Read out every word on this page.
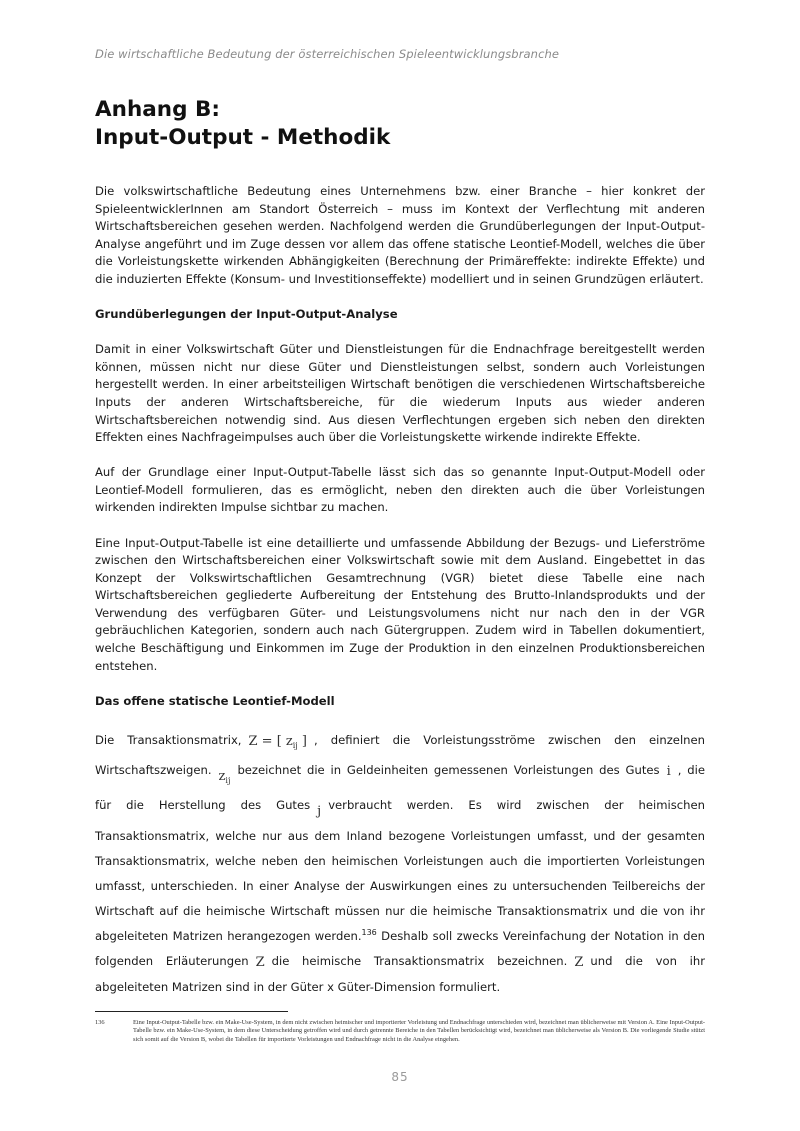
Die wirtschaftliche Bedeutung der österreichischen Spieleentwicklungsbranche
Anhang B:
Input-Output - Methodik

Die volkswirtschaftliche Bedeutung eines Unternehmens bzw. einer Branche – hier konkret der SpieleentwicklerInnen am Standort Österreich – muss im Kontext der Verflechtung mit anderen Wirtschaftsbereichen gesehen werden. Nachfolgend werden die Grundüberlegungen der Input-Output-Analyse angeführt und im Zuge dessen vor allem das offene statische Leontief-Modell, welches die über die Vorleistungskette wirkenden Abhängigkeiten (Berechnung der Primäreffekte: indirekte Effekte) und die induzierten Effekte (Konsum- und Investitionseffekte) modelliert und in seinen Grundzügen erläutert.

Grundüberlegungen der Input-Output-Analyse

Damit in einer Volkswirtschaft Güter und Dienstleistungen für die Endnachfrage bereitgestellt werden können, müssen nicht nur diese Güter und Dienstleistungen selbst, sondern auch Vorleistungen hergestellt werden. In einer arbeitsteiligen Wirtschaft benötigen die verschiedenen Wirtschaftsbereiche Inputs der anderen Wirtschaftsbereiche, für die wiederum Inputs aus wieder anderen Wirtschaftsbereichen notwendig sind. Aus diesen Verflechtungen ergeben sich neben den direkten Effekten eines Nachfrageimpulses auch über die Vorleistungskette wirkende indirekte Effekte.

Auf der Grundlage einer Input-Output-Tabelle lässt sich das so genannte Input-Output-Modell oder Leontief-Modell formulieren, das es ermöglicht, neben den direkten auch die über Vorleistungen wirkenden indirekten Impulse sichtbar zu machen.

Eine Input-Output-Tabelle ist eine detaillierte und umfassende Abbildung der Bezugs- und Lieferströme zwischen den Wirtschaftsbereichen einer Volkswirtschaft sowie mit dem Ausland. Eingebettet in das Konzept der Volkswirtschaftlichen Gesamtrechnung (VGR) bietet diese Tabelle eine nach Wirtschaftsbereichen gegliederte Aufbereitung der Entstehung des Brutto-Inlandsprodukts und der Verwendung des verfügbaren Güter- und Leistungsvolumens nicht nur nach den in der VGR gebräuchlichen Kategorien, sondern auch nach Gütergruppen. Zudem wird in Tabellen dokumentiert, welche Beschäftigung und Einkommen im Zuge der Produktion in den einzelnen Produktionsbereichen entstehen.

Das offene statische Leontief-Modell

Die Transaktionsmatrix, Z = [ $z_{ij}$ ] , definiert die Vorleistungsströme zwischen den einzelnen Wirtschaftszweigen. $z_{ij}bezeichnet$ die in Geldeinheiten gemessenen Vorleistungen des Gutes i , die für die Herstellung des Gutes j verbraucht werden. Es wird zwischen der heimischen Transaktionsmatrix, welche nur aus dem Inland bezogene Vorleistungen umfasst, und der gesamten Transaktionsmatrix, welche neben den heimischen Vorleistungen auch die importierten Vorleistungen umfasst, unterschieden. In einer Analyse der Auswirkungen eines zu untersuchenden Teilbereichs der Wirtschaft auf die heimische Wirtschaft müssen nur die heimische Transaktionsmatrix und die von ihr abgeleiteten Matrizen herangezogen werden.$^{136}$ Deshalb soll zwecks Vereinfachung der Notation in den folgenden Erläuterungen Z die heimische Transaktionsmatrix bezeichnen. Z und die von ihr abgeleiteten Matrizen sind in der Güter x Güter-Dimension formuliert.

136	Eine Input-Output-Tabelle bzw. ein Make-Use-System, in dem nicht zwischen heimischer und importierter Vorleistung und Endnachfrage unterschieden wird, bezeichnet man üblicherweise mit Version A. Eine Input-Output-Tabelle bzw. ein Make-Use-System, in dem diese Unterscheidung getroffen wird und durch getrennte Bereiche in den Tabellen berücksichtigt wird, bezeichnet man üblicherweise als Version B. Die vorliegende Studie stützt sich somit auf die Version B, wobei die Tabellen für importierte Vorleistungen und Endnachfrage nicht in die Analyse eingehen.
85
